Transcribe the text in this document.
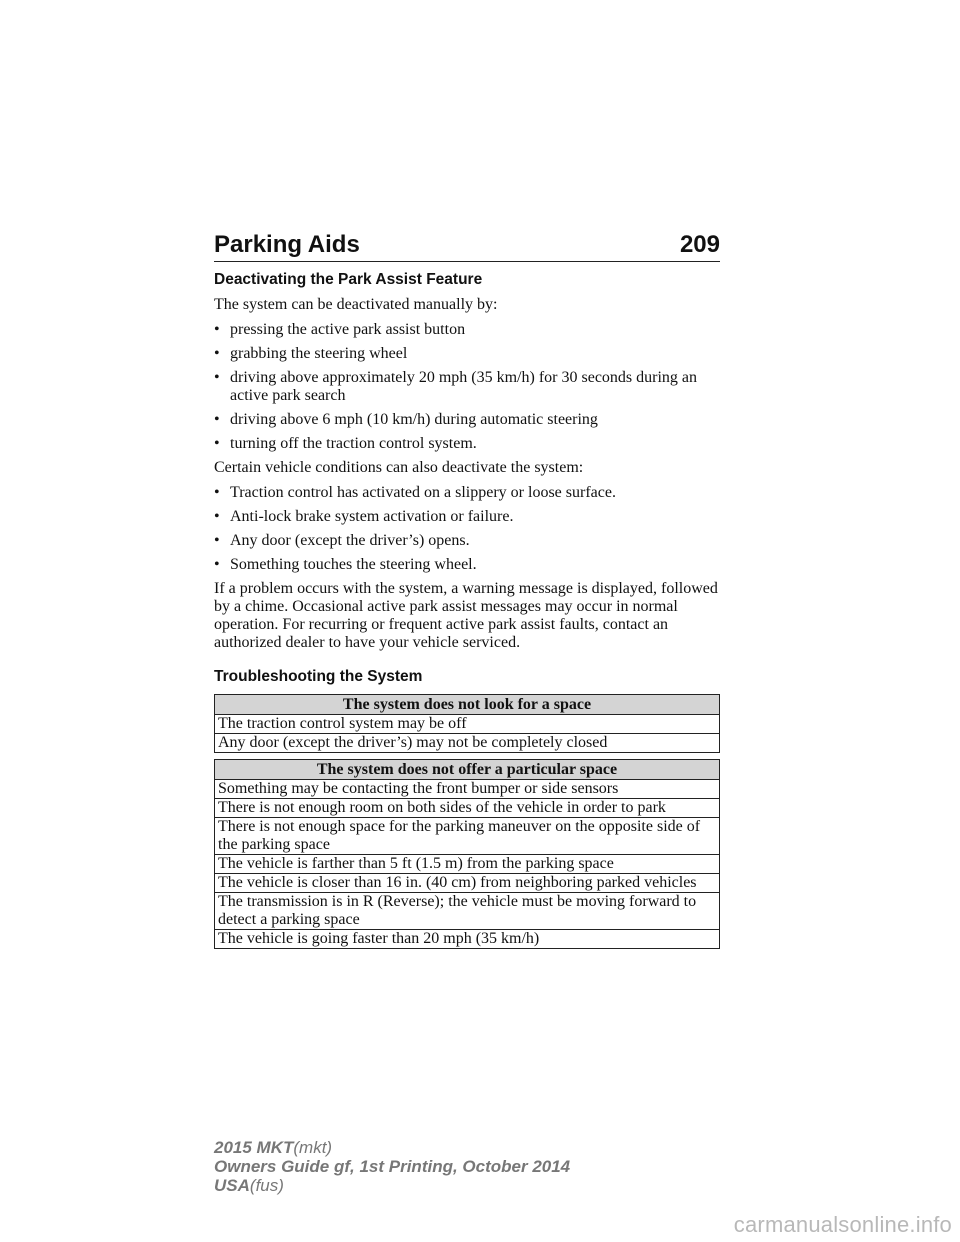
Parking Aids	209
Deactivating the Park Assist Feature

The system can be deactivated manually by:

• pressing the active park assist button
• grabbing the steering wheel
• driving above approximately 20 mph (35 km/h) for 30 seconds during an active park search
• driving above 6 mph (10 km/h) during automatic steering
• turning off the traction control system.

Certain vehicle conditions can also deactivate the system:

• Traction control has activated on a slippery or loose surface.
• Anti-lock brake system activation or failure.
• Any door (except the driver’s) opens.
• Something touches the steering wheel.

If a problem occurs with the system, a warning message is displayed, followed by a chime. Occasional active park assist messages may occur in normal operation. For recurring or frequent active park assist faults, contact an authorized dealer to have your vehicle serviced.

Troubleshooting the System
The system does not look for a space
The traction control system may be off
Any door (except the driver’s) may not be completely closed
The system does not offer a particular space
Something may be contacting the front bumper or side sensors
There is not enough room on both sides of the vehicle in order to park
There is not enough space for the parking maneuver on the opposite side of the parking space
The vehicle is farther than 5 ft (1.5 m) from the parking space
The vehicle is closer than 16 in. (40 cm) from neighboring parked vehicles
The transmission is in R (Reverse); the vehicle must be moving forward to detect a parking space
The vehicle is going faster than 20 mph (35 km/h)
2015 MKT(mkt)
Owners Guide gf, 1st Printing, October 2014
USA(fus)
carmanualsonline.info
